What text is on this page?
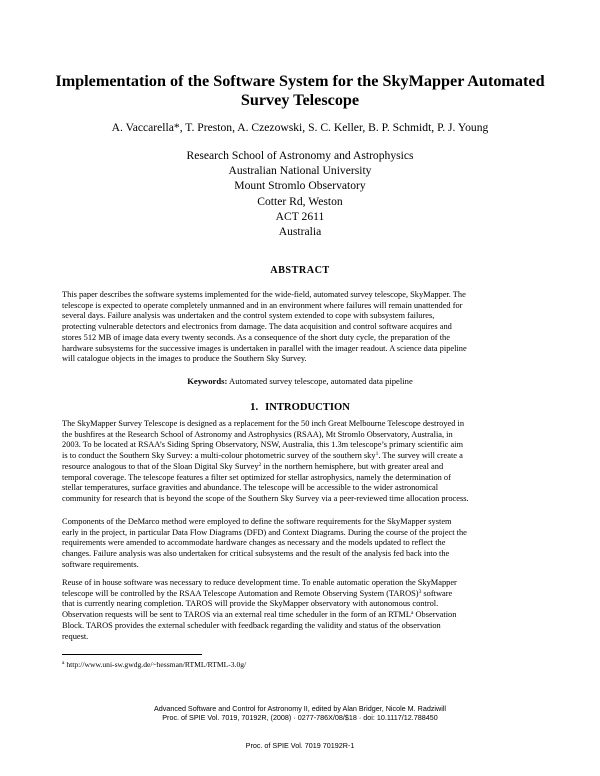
Implementation of the Software System for the SkyMapper Automated
Survey Telescope
A. Vaccarella*, T. Preston, A. Czezowski, S. C. Keller, B. P. Schmidt, P. J. Young
Research School of Astronomy and Astrophysics
Australian National University
Mount Stromlo Observatory
Cotter Rd, Weston
ACT 2611
Australia
ABSTRACT
This paper describes the software systems implemented for the wide-field, automated survey telescope, SkyMapper. The
telescope is expected to operate completely unmanned and in an environment where failures will remain unattended for
several days. Failure analysis was undertaken and the control system extended to cope with subsystem failures,
protecting vulnerable detectors and electronics from damage. The data acquisition and control software acquires and
stores 512 MB of image data every twenty seconds. As a consequence of the short duty cycle, the preparation of the
hardware subsystems for the successive images is undertaken in parallel with the imager readout. A science data pipeline
will catalogue objects in the images to produce the Southern Sky Survey.
Keywords: Automated survey telescope, automated data pipeline
1. INTRODUCTION
The SkyMapper Survey Telescope is designed as a replacement for the 50 inch Great Melbourne Telescope destroyed in
the bushfires at the Research School of Astronomy and Astrophysics (RSAA), Mt Stromlo Observatory, Australia, in
2003. To be located at RSAA’s Siding Spring Observatory, NSW, Australia, this 1.3m telescope’s primary scientific aim
is to conduct the Southern Sky Survey: a multi-colour photometric survey of the southern sky$^1$. The survey will create a
resource analogous to that of the Sloan Digital Sky Survey$^2$ in the northern hemisphere, but with greater areal and
temporal coverage. The telescope features a filter set optimized for stellar astrophysics, namely the determination of
stellar temperatures, surface gravities and abundance. The telescope will be accessible to the wider astronomical
community for research that is beyond the scope of the Southern Sky Survey via a peer-reviewed time allocation process.
Components of the DeMarco method were employed to define the software requirements for the SkyMapper system
early in the project, in particular Data Flow Diagrams (DFD) and Context Diagrams. During the course of the project the
requirements were amended to accommodate hardware changes as necessary and the models updated to reflect the
changes. Failure analysis was also undertaken for critical subsystems and the result of the analysis fed back into the
software requirements.
Reuse of in house software was necessary to reduce development time. To enable automatic operation the SkyMapper
telescope will be controlled by the RSAA Telescope Automation and Remote Observing System (TAROS)$^3$ software
that is currently nearing completion. TAROS will provide the SkyMapper observatory with autonomous control.
Observation requests will be sent to TAROS via an external real time scheduler in the form of an RTML$^a$ Observation
Block. TAROS provides the external scheduler with feedback regarding the validity and status of the observation
request.
$^a$ http://www.uni-sw.gwdg.de/~hessman/RTML/RTML-3.0g/
Advanced Software and Control for Astronomy II, edited by Alan Bridger, Nicole M. Radziwill
Proc. of SPIE Vol. 7019, 70192R, (2008) · 0277-786X/08/$18 · doi: 10.1117/12.788450
Proc. of SPIE Vol. 7019 70192R-1
